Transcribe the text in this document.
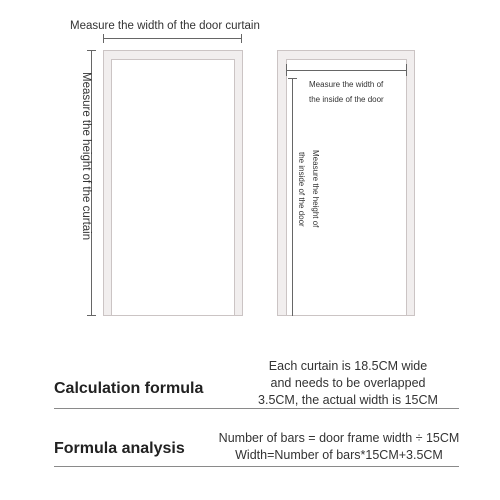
Measure the width of the door curtain
Measure the height of the curtain	Measure the width of
the inside of the door
Measure the height of
the inside of the door
Calculation formula
Each curtain is 18.5CM wide
and needs to be overlapped
3.5CM, the actual width is 15CM
Formula analysis
Number of bars = door frame width ÷ 15CM
Width=Number of bars*15CM+3.5CM
